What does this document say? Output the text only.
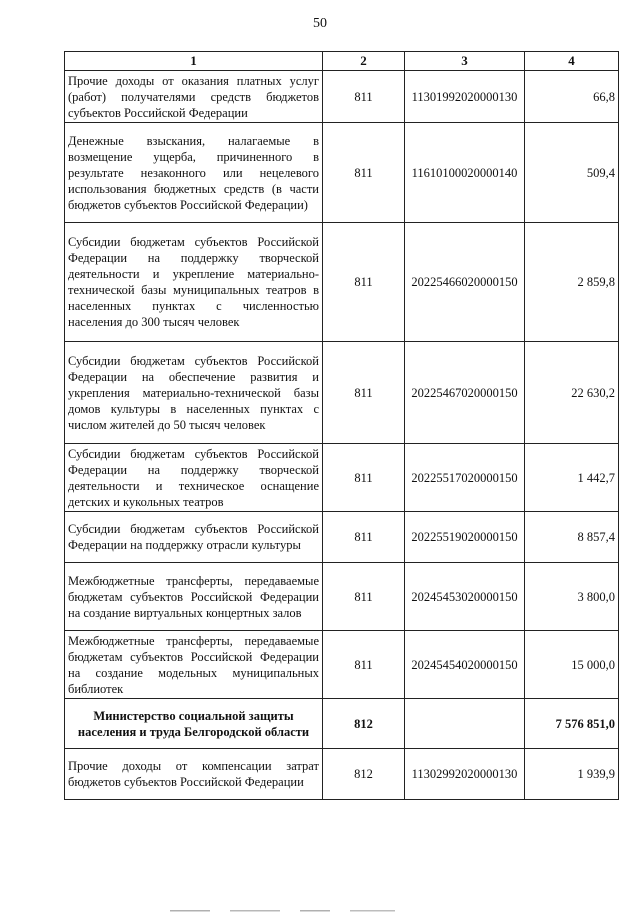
50
1	2	3	4
Прочие доходы от оказания платных услуг (работ) получателями средств бюджетов субъектов Российской Федерации	811	11301992020000130	66,8
Денежные взыскания, налагаемые в возмещение ущерба, причиненного в результате незаконного или нецелевого использования бюджетных средств (в части бюджетов субъектов Российской Федерации)	811	11610100020000140	509,4
Субсидии бюджетам субъектов Российской Федерации на поддержку творческой деятельности и укрепление материально-технической базы муниципальных театров в населенных пунктах с численностью населения до 300 тысяч человек	811	20225466020000150	2 859,8
Субсидии бюджетам субъектов Российской Федерации на обеспечение развития и укрепления материально-технической базы домов культуры в населенных пунктах с числом жителей до 50 тысяч человек	811	20225467020000150	22 630,2
Субсидии бюджетам субъектов Российской Федерации на поддержку творческой деятельности и техническое оснащение детских и кукольных театров	811	20225517020000150	1 442,7
Субсидии бюджетам субъектов Российской Федерации на поддержку отрасли культуры	811	20225519020000150	8 857,4
Межбюджетные трансферты, передаваемые бюджетам субъектов Российской Федерации на создание виртуальных концертных залов	811	20245453020000150	3 800,0
Межбюджетные трансферты, передаваемые бюджетам субъектов Российской Федерации на создание модельных муниципальных библиотек	811	20245454020000150	15 000,0
Министерство социальной защиты населения и труда Белгородской области	812		7 576 851,0
Прочие доходы от компенсации затрат бюджетов субъектов Российской Федерации	812	11302992020000130	1 939,9
